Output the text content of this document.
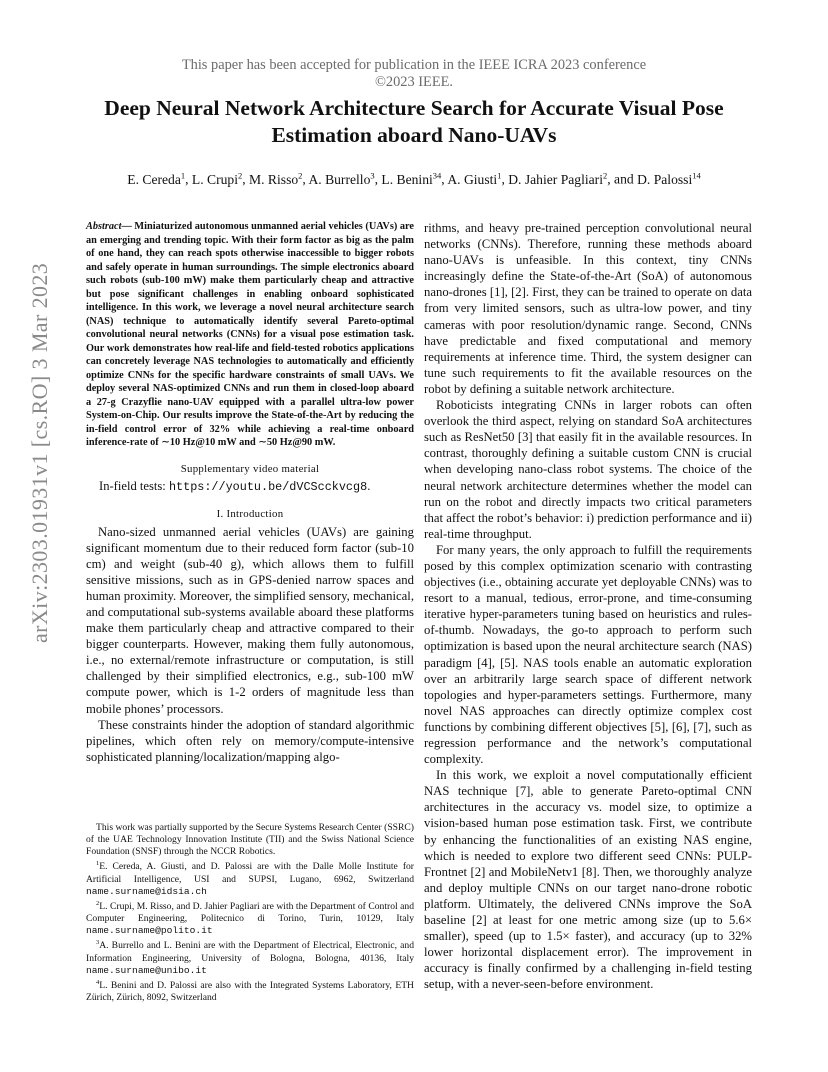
This paper has been accepted for publication in the IEEE ICRA 2023 conference
©2023 IEEE.
Deep Neural Network Architecture Search for Accurate Visual Pose Estimation aboard Nano-UAVs
E. Cereda$^1$, L. Crupi$^2$, M. Risso$^2$, A. Burrello$^3$, L. Benini$^{34}$, A. Giusti$^1$, D. Jahier Pagliari$^2$, and D. Palossi$^{14}$
arXiv:2303.01931v1 [cs.RO] 3 Mar 2023

Abstract— Miniaturized autonomous unmanned aerial vehicles (UAVs) are an emerging and trending topic. With their form factor as big as the palm of one hand, they can reach spots otherwise inaccessible to bigger robots and safely operate in human surroundings. The simple electronics aboard such robots (sub-100 mW) make them particularly cheap and attractive but pose significant challenges in enabling onboard sophisticated intelligence. In this work, we leverage a novel neural architecture search (NAS) technique to automatically identify several Pareto-optimal convolutional neural networks (CNNs) for a visual pose estimation task. Our work demonstrates how real-life and field-tested robotics applications can concretely leverage NAS technologies to automatically and efficiently optimize CNNs for the specific hardware constraints of small UAVs. We deploy several NAS-optimized CNNs and run them in closed-loop aboard a 27-g Crazyflie nano-UAV equipped with a parallel ultra-low power System-on-Chip. Our results improve the State-of-the-Art by reducing the in-field control error of 32% while achieving a real-time onboard inference-rate of ∼10 Hz@10 mW and ∼50 Hz@90 mW.

Supplementary video material
In-field tests: https://youtu.be/dVCScckvcg8.
I. Introduction

Nano-sized unmanned aerial vehicles (UAVs) are gaining significant momentum due to their reduced form factor (sub-10 cm) and weight (sub-40 g), which allows them to fulfill sensitive missions, such as in GPS-denied narrow spaces and human proximity. Moreover, the simplified sensory, mechanical, and computational sub-systems available aboard these platforms make them particularly cheap and attractive compared to their bigger counterparts. However, making them fully autonomous, i.e., no external/remote infrastructure or computation, is still challenged by their simplified electronics, e.g., sub-100 mW compute power, which is 1-2 orders of magnitude less than mobile phones’ processors.

These constraints hinder the adoption of standard algorithmic pipelines, which often rely on memory/compute-intensive sophisticated planning/localization/mapping algo-

rithms, and heavy pre-trained perception convolutional neural networks (CNNs). Therefore, running these methods aboard nano-UAVs is unfeasible. In this context, tiny CNNs increasingly define the State-of-the-Art (SoA) of autonomous nano-drones [1], [2]. First, they can be trained to operate on data from very limited sensors, such as ultra-low power, and tiny cameras with poor resolution/dynamic range. Second, CNNs have predictable and fixed computational and memory requirements at inference time. Third, the system designer can tune such requirements to fit the available resources on the robot by defining a suitable network architecture.

Roboticists integrating CNNs in larger robots can often overlook the third aspect, relying on standard SoA architectures such as ResNet50 [3] that easily fit in the available resources. In contrast, thoroughly defining a suitable custom CNN is crucial when developing nano-class robot systems. The choice of the neural network architecture determines whether the model can run on the robot and directly impacts two critical parameters that affect the robot’s behavior: i) prediction performance and ii) real-time throughput.

For many years, the only approach to fulfill the requirements posed by this complex optimization scenario with contrasting objectives (i.e., obtaining accurate yet deployable CNNs) was to resort to a manual, tedious, error-prone, and time-consuming iterative hyper-parameters tuning based on heuristics and rules-of-thumb. Nowadays, the go-to approach to perform such optimization is based upon the neural architecture search (NAS) paradigm [4], [5]. NAS tools enable an automatic exploration over an arbitrarily large search space of different network topologies and hyper-parameters settings. Furthermore, many novel NAS approaches can directly optimize complex cost functions by combining different objectives [5], [6], [7], such as regression performance and the network’s computational complexity.

In this work, we exploit a novel computationally efficient NAS technique [7], able to generate Pareto-optimal CNN architectures in the accuracy vs. model size, to optimize a vision-based human pose estimation task. First, we contribute by enhancing the functionalities of an existing NAS engine, which is needed to explore two different seed CNNs: PULP-Frontnet [2] and MobileNetv1 [8]. Then, we thoroughly analyze and deploy multiple CNNs on our target nano-drone robotic platform. Ultimately, the delivered CNNs improve the SoA baseline [2] at least for one metric among size (up to 5.6× smaller), speed (up to 1.5× faster), and accuracy (up to 32% lower horizontal displacement error). The improvement in accuracy is finally confirmed by a challenging in-field testing setup, with a never-seen-before environment.

This work was partially supported by the Secure Systems Research Center (SSRC) of the UAE Technology Innovation Institute (TII) and the Swiss National Science Foundation (SNSF) through the NCCR Robotics.

$^1$E. Cereda, A. Giusti, and D. Palossi are with the Dalle Molle Institute for Artificial Intelligence, USI and SUPSI, Lugano, 6962, Switzerland name.surname@idsia.ch

$^2$L. Crupi, M. Risso, and D. Jahier Pagliari are with the Department of Control and Computer Engineering, Politecnico di Torino, Turin, 10129, Italy name.surname@polito.it

$^3$A. Burrello and L. Benini are with the Department of Electrical, Electronic, and Information Engineering, University of Bologna, Bologna, 40136, Italy name.surname@unibo.it

$^4$L. Benini and D. Palossi are also with the Integrated Systems Laboratory, ETH Zürich, Zürich, 8092, Switzerland
